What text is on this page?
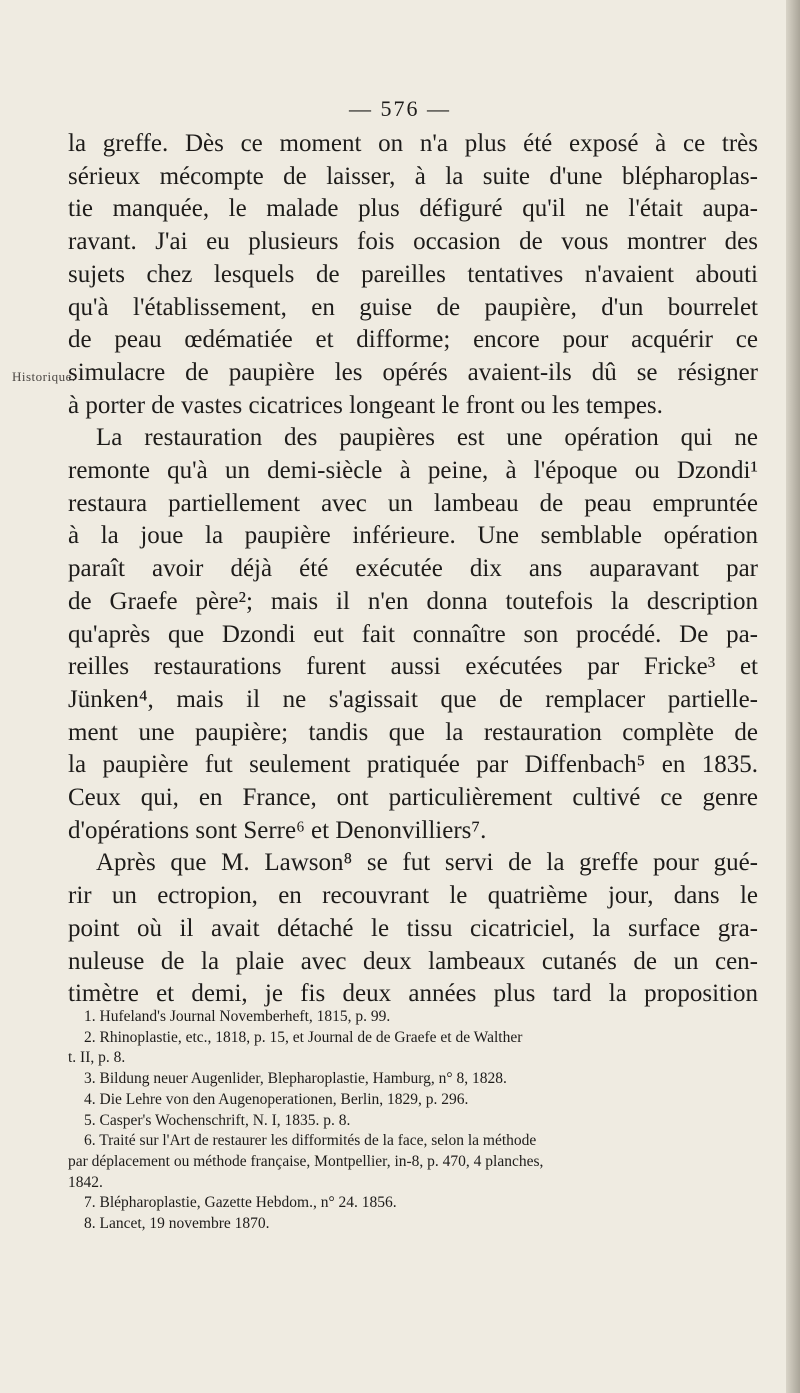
— 576 —
Historique.
la greffe. Dès ce moment on n'a plus été exposé à ce très
sérieux mécompte de laisser, à la suite d'une blépharoplas-
tie manquée, le malade plus défiguré qu'il ne l'était aupa-
ravant. J'ai eu plusieurs fois occasion de vous montrer des
sujets chez lesquels de pareilles tentatives n'avaient abouti
qu'à l'établissement, en guise de paupière, d'un bourrelet
de peau œdématiée et difforme; encore pour acquérir ce
simulacre de paupière les opérés avaient-ils dû se résigner
à porter de vastes cicatrices longeant le front ou les tempes.
La restauration des paupières est une opération qui ne
remonte qu'à un demi-siècle à peine, à l'époque ou Dzondi¹
restaura partiellement avec un lambeau de peau empruntée
à la joue la paupière inférieure. Une semblable opération
paraît avoir déjà été exécutée dix ans auparavant par
de Graefe père²; mais il n'en donna toutefois la description
qu'après que Dzondi eut fait connaître son procédé. De pa-
reilles restaurations furent aussi exécutées par Fricke³ et
Jünken⁴, mais il ne s'agissait que de remplacer partielle-
ment une paupière; tandis que la restauration complète de
la paupière fut seulement pratiquée par Diffenbach⁵ en 1835.
Ceux qui, en France, ont particulièrement cultivé ce genre
d'opérations sont Serre⁶ et Denonvilliers⁷.
Après que M. Lawson⁸ se fut servi de la greffe pour gué-
rir un ectropion, en recouvrant le quatrième jour, dans le
point où il avait détaché le tissu cicatriciel, la surface gra-
nuleuse de la plaie avec deux lambeaux cutanés de un cen-
timètre et demi, je fis deux années plus tard la proposition
1. Hufeland's Journal Novemberheft, 1815, p. 99.
2. Rhinoplastie, etc., 1818, p. 15, et Journal de de Graefe et de Walther
t. II, p. 8.
3. Bildung neuer Augenlider, Blepharoplastie, Hamburg, n° 8, 1828.
4. Die Lehre von den Augenoperationen, Berlin, 1829, p. 296.
5. Casper's Wochenschrift, N. I, 1835. p. 8.
6. Traité sur l'Art de restaurer les difformités de la face, selon la méthode
par déplacement ou méthode française, Montpellier, in-8, p. 470, 4 planches,
1842.
7. Blépharoplastie, Gazette Hebdom., n° 24. 1856.
8. Lancet, 19 novembre 1870.
